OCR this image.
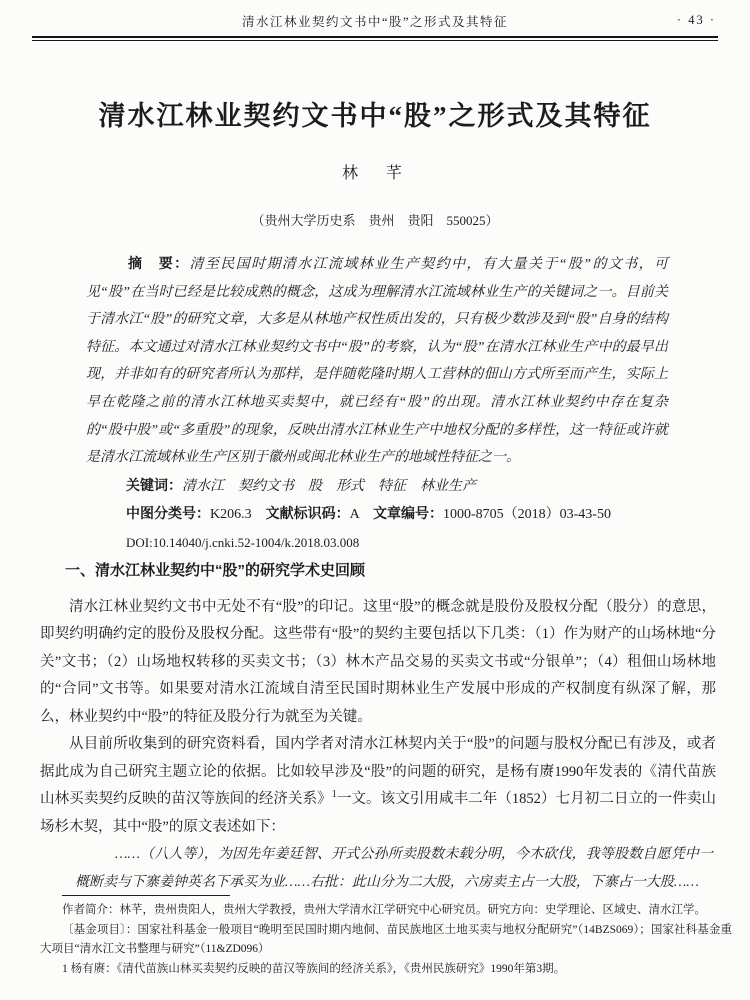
清水江林业契约文书中“股”之形式及其特征	· 43 ·
清水江林业契约文书中“股”之形式及其特征
林　芊
（贵州大学历史系　贵州　贵阳　550025）

摘　要：清至民国时期清水江流域林业生产契约中，有大量关于“股”的文书，可见“股”在当时已经是比较成熟的概念，这成为理解清水江流域林业生产的关键词之一。目前关于清水江“股”的研究文章，大多是从林地产权性质出发的，只有极少数涉及到“股”自身的结构特征。本文通过对清水江林业契约文书中“股”的考察，认为“股”在清水江林业生产中的最早出现，并非如有的研究者所认为那样，是伴随乾隆时期人工营林的佃山方式所至而产生，实际上早在乾隆之前的清水江林地买卖契中，就已经有“股”的出现。清水江林业契约中存在复杂的“股中股”或“多重股”的现象，反映出清水江林业生产中地权分配的多样性，这一特征或许就是清水江流域林业生产区别于徽州或闽北林业生产的地域性特征之一。

关键词：清水江　契约文书　股　形式　特征　林业生产

中图分类号：K206.3　 文献标识码：A　 文章编号：1000-8705（2018）03-43-50

DOI:10.14040/j.cnki.52-1004/k.2018.03.008

一、清水江林业契约中“股”的研究学术史回顾

清水江林业契约文书中无处不有“股”的印记。这里“股”的概念就是股份及股权分配（股分）的意思，即契约明确约定的股份及股权分配。这些带有“股”的契约主要包括以下几类：（1）作为财产的山场林地“分关”文书；（2）山场地权转移的买卖文书；（3）林木产品交易的买卖文书或“分银单”；（4）租佃山场林地的“合同”文书等。如果要对清水江流域自清至民国时期林业生产发展中形成的产权制度有纵深了解，那么，林业契约中“股”的特征及股分行为就至为关键。

从目前所收集到的研究资料看，国内学者对清水江林契内关于“股”的问题与股权分配已有涉及，或者据此成为自己研究主题立论的依据。比如较早涉及“股”的问题的研究，是杨有赓1990年发表的《清代苗族山林买卖契约反映的苗汉等族间的经济关系》$^1$一文。该文引用咸丰二年（1852）七月初二日立的一件卖山场杉木契，其中“股”的原文表述如下：

……（八人等），为因先年姜廷智、开式公孙所卖股数未载分明，今木砍伐，我等股数自愿凭中一概断卖与下寨姜钟英名下承买为业……右批：此山分为二大股，六房卖主占一大股，下寨占一大股……

作者简介：林芊，贵州贵阳人，贵州大学教授，贵州大学清水江学研究中心研究员。研究方向：史学理论、区域史、清水江学。

〔基金项目〕：国家社科基金一般项目“晚明至民国时期内地侗、苗民族地区土地买卖与地权分配研究”（14BZS069）；国家社科基金重大项目“清水江文书整理与研究”（11&ZD096）

1 杨有赓：《清代苗族山林买卖契约反映的苗汉等族间的经济关系》，《贵州民族研究》1990年第3期。
